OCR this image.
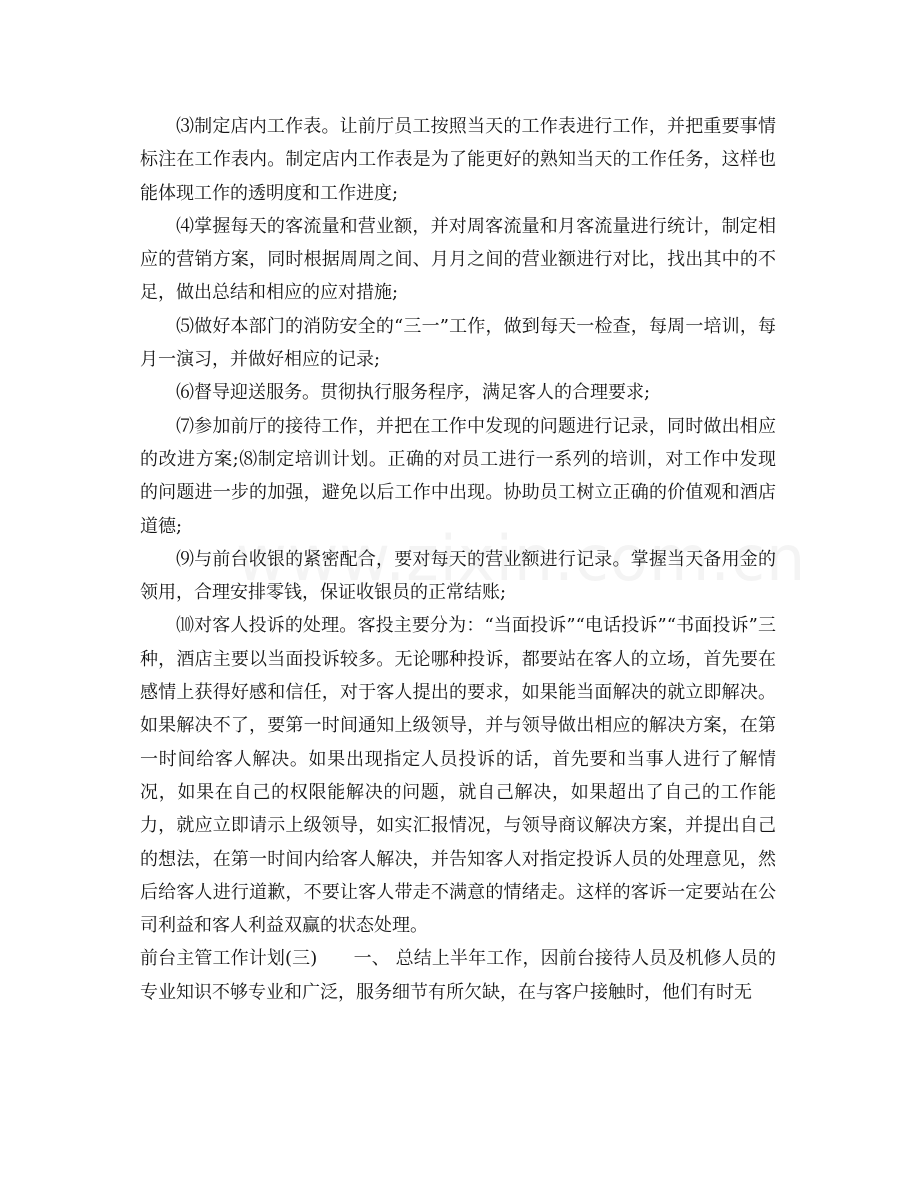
⑶制定店内工作表。让前厅员工按照当天的工作表进行工作，并把重要事情标注在工作表内。制定店内工作表是为了能更好的熟知当天的工作任务，这样也能体现工作的透明度和工作进度;

⑷掌握每天的客流量和营业额，并对周客流量和月客流量进行统计，制定相应的营销方案，同时根据周周之间、月月之间的营业额进行对比，找出其中的不足，做出总结和相应的应对措施;

⑸做好本部门的消防安全的“三一”工作，做到每天一检查，每周一培训，每月一演习，并做好相应的记录;

⑹督导迎送服务。贯彻执行服务程序，满足客人的合理要求;

⑺参加前厅的接待工作，并把在工作中发现的问题进行记录，同时做出相应的改进方案;⑻制定培训计划。正确的对员工进行一系列的培训，对工作中发现的问题进一步的加强，避免以后工作中出现。协助员工树立正确的价值观和酒店道德;

⑼与前台收银的紧密配合，要对每天的营业额进行记录。掌握当天备用金的领用，合理安排零钱，保证收银员的正常结账;

⑽对客人投诉的处理。客投主要分为：“当面投诉”“电话投诉”“书面投诉”三种，酒店主要以当面投诉较多。无论哪种投诉，都要站在客人的立场，首先要在感情上获得好感和信任，对于客人提出的要求，如果能当面解决的就立即解决。如果解决不了，要第一时间通知上级领导，并与领导做出相应的解决方案，在第一时间给客人解决。如果出现指定人员投诉的话，首先要和当事人进行了解情况，如果在自己的权限能解决的问题，就自己解决，如果超出了自己的工作能力，就应立即请示上级领导，如实汇报情况，与领导商议解决方案，并提出自己的想法，在第一时间内给客人解决，并告知客人对指定投诉人员的处理意见，然后给客人进行道歉，不要让客人带走不满意的情绪走。这样的客诉一定要站在公司利益和客人利益双赢的状态处理。

前台主管工作计划(三)　　一、 总结上半年工作，因前台接待人员及机修人员的专业知识不够专业和广泛，服务细节有所欠缺，在与客户接触时，他们有时无
